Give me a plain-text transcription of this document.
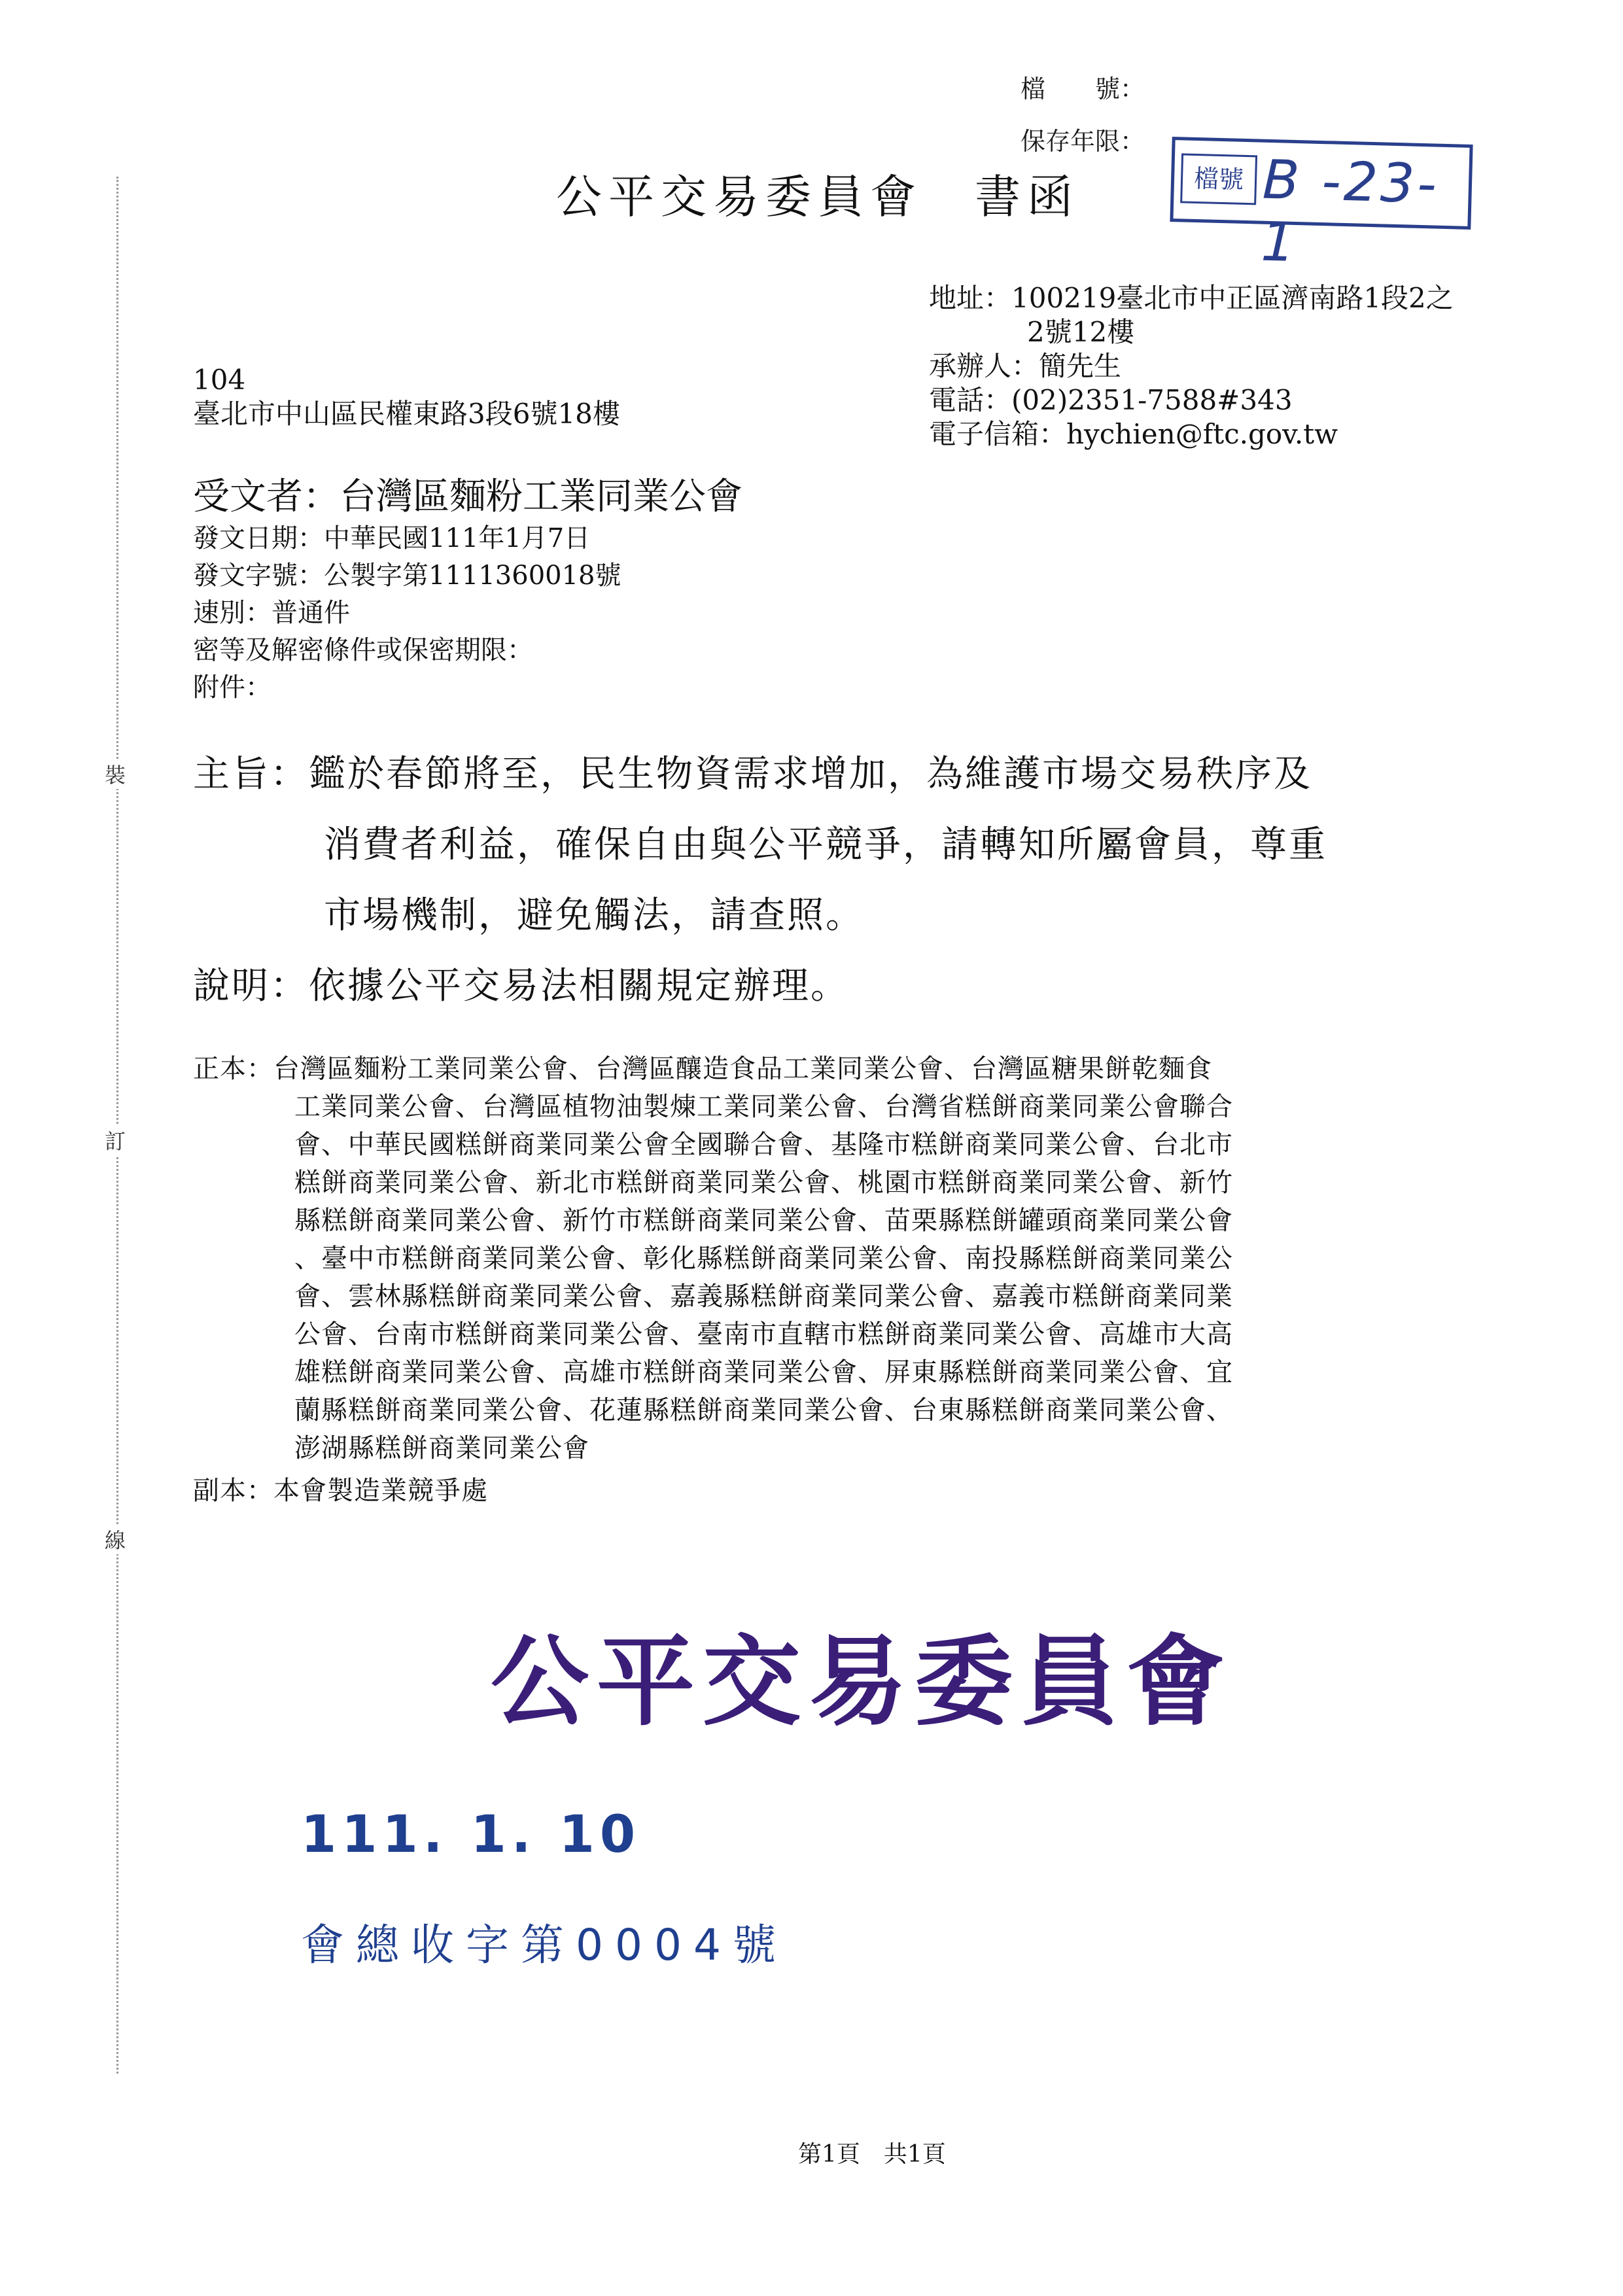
裝
訂
線
檔　　號：
保存年限：
檔號 B -23-1
公平交易委員會　書函
地址：100219臺北市中正區濟南路1段2之
2號12樓
承辦人：簡先生
電話：(02)2351-7588#343
電子信箱：hychien@ftc.gov.tw
104
臺北市中山區民權東路3段6號18樓
受文者：台灣區麵粉工業同業公會
發文日期：中華民國111年1月7日
發文字號：公製字第1111360018號
速別：普通件
密等及解密條件或保密期限：
附件：
主旨：鑑於春節將至，民生物資需求增加，為維護市場交易秩序及
消費者利益，確保自由與公平競爭，請轉知所屬會員，尊重
市場機制，避免觸法，請查照。
說明：依據公平交易法相關規定辦理。
正本：台灣區麵粉工業同業公會、台灣區釀造食品工業同業公會、台灣區糖果餅乾麵食
工業同業公會、台灣區植物油製煉工業同業公會、台灣省糕餅商業同業公會聯合
會、中華民國糕餅商業同業公會全國聯合會、基隆市糕餅商業同業公會、台北市
糕餅商業同業公會、新北市糕餅商業同業公會、桃園市糕餅商業同業公會、新竹
縣糕餅商業同業公會、新竹市糕餅商業同業公會、苗栗縣糕餅罐頭商業同業公會
、臺中市糕餅商業同業公會、彰化縣糕餅商業同業公會、南投縣糕餅商業同業公
會、雲林縣糕餅商業同業公會、嘉義縣糕餅商業同業公會、嘉義市糕餅商業同業
公會、台南市糕餅商業同業公會、臺南市直轄市糕餅商業同業公會、高雄市大高
雄糕餅商業同業公會、高雄市糕餅商業同業公會、屏東縣糕餅商業同業公會、宜
蘭縣糕餅商業同業公會、花蓮縣糕餅商業同業公會、台東縣糕餅商業同業公會、
澎湖縣糕餅商業同業公會
副本：本會製造業競爭處
公平交易委員會
111. 1. 10
會總收字第0004號
第1頁　共1頁
